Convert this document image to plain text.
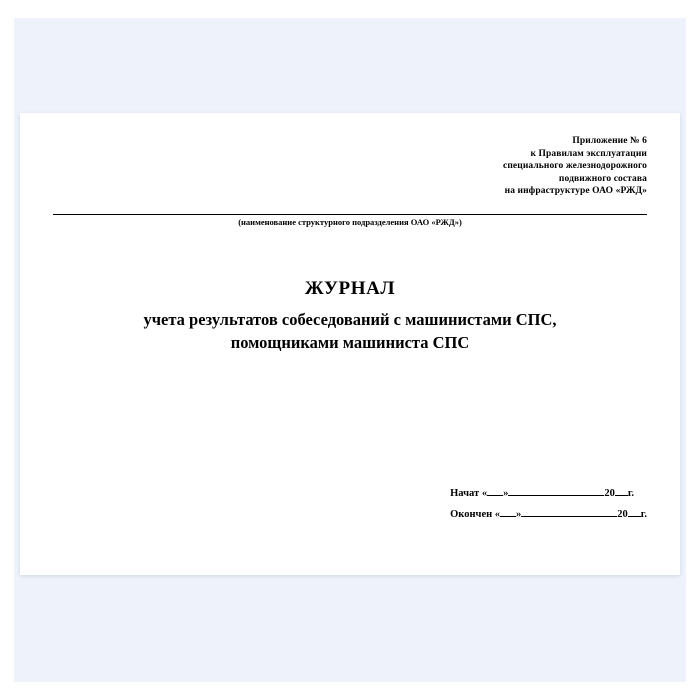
Приложение № 6
к Правилам эксплуатации
специального железнодорожного
подвижного состава
на инфраструктуре ОАО «РЖД»
(наименование структурного подразделения ОАО «РЖД»)
ЖУРНАЛ
учета результатов собеседований с машинистами СПС,
помощниками машиниста СПС
Начат « »	20 г.
Окончен « »	20 г.
